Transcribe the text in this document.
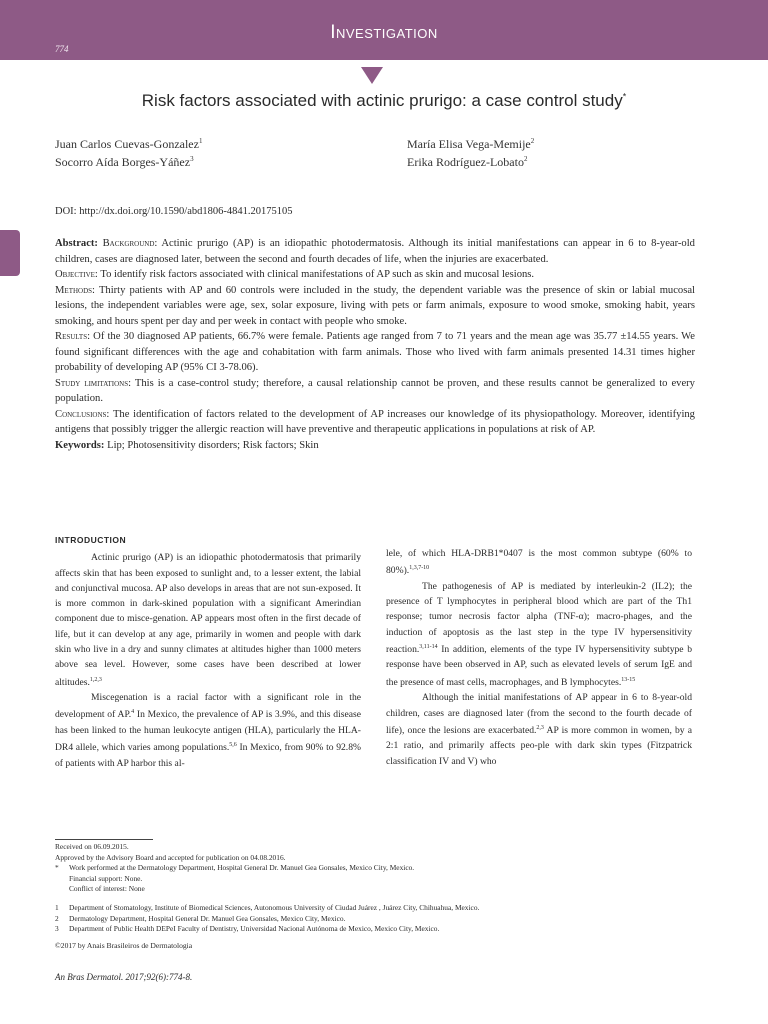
Investigation
774
Risk factors associated with actinic prurigo: a case control study*
Juan Carlos Cuevas-Gonzalez$^1$	María Elisa Vega-Memije$^2$
Socorro Aída Borges-Yáñez$^3$	Erika Rodríguez-Lobato$^2$
DOI: http://dx.doi.org/10.1590/abd1806-4841.20175105

Abstract: Background: Actinic prurigo (AP) is an idiopathic photodermatosis. Although its initial manifestations can appear in 6 to 8-year-old children, cases are diagnosed later, between the second and fourth decades of life, when the injuries are exacerbated.

Objective: To identify risk factors associated with clinical manifestations of AP such as skin and mucosal lesions.

Methods: Thirty patients with AP and 60 controls were included in the study, the dependent variable was the presence of skin or labial mucosal lesions, the independent variables were age, sex, solar exposure, living with pets or farm animals, exposure to wood smoke, smoking habit, years smoking, and hours spent per day and per week in contact with people who smoke.

Results: Of the 30 diagnosed AP patients, 66.7% were female. Patients age ranged from 7 to 71 years and the mean age was 35.77 ±14.55 years. We found significant differences with the age and cohabitation with farm animals. Those who lived with farm animals presented 14.31 times higher probability of developing AP (95% CI 3-78.06).

Study limitations: This is a case-control study; therefore, a causal relationship cannot be proven, and these results cannot be generalized to every population.

Conclusions: The identification of factors related to the development of AP increases our knowledge of its physiopathology. Moreover, identifying antigens that possibly trigger the allergic reaction will have preventive and therapeutic applications in populations at risk of AP.

Keywords: Lip; Photosensitivity disorders; Risk factors; Skin

INTRODUCTION

Actinic prurigo (AP) is an idiopathic photodermatosis that primarily affects skin that has been exposed to sunlight and, to a lesser extent, the labial and conjunctival mucosa. AP also develops in areas that are not sun-exposed. It is more common in dark-skined population with a significant Amerindian component due to misce-genation. AP appears most often in the first decade of life, but it can develop at any age, primarily in women and people with dark skin who live in a dry and sunny climates at altitudes higher than 1000 meters above sea level. However, some cases have been described at lower altitudes.$^{1,2,3}$

Miscegenation is a racial factor with a significant role in the development of AP.$^4$ In Mexico, the prevalence of AP is 3.9%, and this disease has been linked to the human leukocyte antigen (HLA), particularly the HLA-DR4 allele, which varies among populations.$^{5,6}$ In Mexico, from 90% to 92.8% of patients with AP harbor this al-

lele, of which HLA-DRB1*0407 is the most common subtype (60% to 80%).$^{1,3,7-10}$

The pathogenesis of AP is mediated by interleukin-2 (IL2); the presence of T lymphocytes in peripheral blood which are part of the Th1 response; tumor necrosis factor alpha (TNF-α); macro-phages, and the induction of apoptosis as the last step in the type IV hypersensitivity reaction.$^{3,11-14}$ In addition, elements of the type IV hypersensitivity subtype b response have been observed in AP, such as elevated levels of serum IgE and the presence of mast cells, macrophages, and B lymphocytes.$^{13-15}$

Although the initial manifestations of AP appear in 6 to 8-year-old children, cases are diagnosed later (from the second to the fourth decade of life), once the lesions are exacerbated.$^{2,3}$ AP is more common in women, by a 2:1 ratio, and primarily affects peo-ple with dark skin types (Fitzpatrick classification IV and V) who

Received on 06.09.2015.
Approved by the Advisory Board and accepted for publication on 04.08.2016.
*	Work performed at the Dermatology Department, Hospital General Dr. Manuel Gea Gonsales, Mexico City, Mexico.
Financial support: None.
Conflict of interest: None
1	Department of Stomatology, Institute of Biomedical Sciences, Autonomous University of Ciudad Juárez , Juárez City, Chihuahua, Mexico.
2	Dermatology Department, Hospital General Dr. Manuel Gea Gonsales, Mexico City, Mexico.
3	Department of Public Health DEPeI Faculty of Dentistry, Universidad Nacional Autónoma de Mexico, Mexico City, Mexico.
©2017 by Anais Brasileiros de Dermatologia
An Bras Dermatol. 2017;92(6):774-8.
